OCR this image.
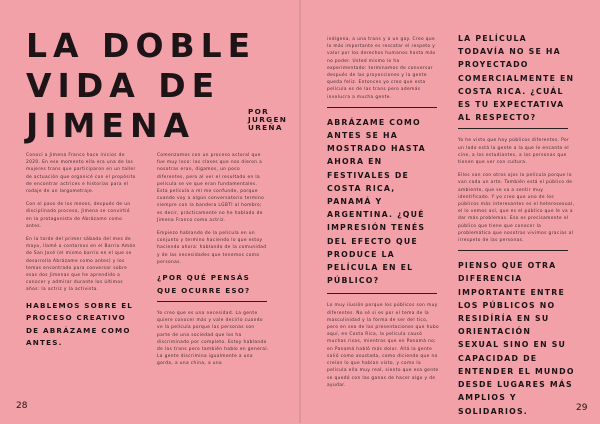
LA DOBLE
VIDA DE
JIMENA	POR
JURGEN
UREÑA

Conocí a Jimena Franco hace inicios de 2020. En ese momento ella era una de las mujeres trans que participaron en un taller de actuación que organicé con el propósito de encontrar actrices e historias para el rodaje de un largometraje.

Con el paso de los meses, después de un disciplinado proceso, Jimena se convirtió en la protagonista de Abrázame como antes.

En la tarde del primer sábado del mes de mayo, llamé a contarnos en el Barrio Amón de San José (el mismo barrio en el que se desarrolla Abrázame como antes) y los temas encontrado para conversar sobre esas dos Jimenas que he aprendido a conocer y admirar durante los últimos años: la actriz y la activista.

HABLEMOS SOBRE EL PROCESO CREATIVO DE ABRÁZAME COMO ANTES.

Comenzamos con un proceso actoral que fue muy loco: las clases que nos dieron a nosotras eran, digamos, un poco diferentes, pero al ver el resultado en la película se ve que eran fundamentales. Esta película a mí me confunde, porque cuando voy a algún conversatorio termino siempre con la bandera LGBTI al hombro; es decir, prácticamente no he hablado de Jimena Franco como actriz.

Empiezo hablando de la película en un conjunto y termino haciendo lo que estoy haciendo ahora: hablando de la comunidad y de las necesidades que tenemos como personas.

¿POR QUÉ PENSÁS QUE OCURRE ESO?

Yo creo que es una necesidad. La gente quiere conocer más y vale decirlo cuando ve la película porque las personas son parte de una sociedad que los ha discriminado por completo. Estoy hablando de las trans pero también hablo en general. La gente discrimina igualmente a una gorda, a una china, a una

indígena, a una trans y a un gay. Creo que lo más importante es rescatar el respeto y valor por los derechos humanos hasta más no poder. Usted mismo lo ha experimentado: terminamos de conversar después de las proyecciones y la gente queda feliz. Entonces yo creo que esta película es de las trans pero además involucra a mucha gente.

ABRÁZAME COMO ANTES SE HA MOSTRADO HASTA AHORA EN FESTIVALES DE COSTA RICA, PANAMÁ Y ARGENTINA. ¿QUÉ IMPRESIÓN TENÉS DEL EFECTO QUE PRODUCE LA PELÍCULA EN EL PÚBLICO?

Lo muy ilusión porque los públicos son muy diferentes. No sé si es por el tema de la masculinidad y la forma de ser del tico, pero en sea de las presentaciones que hubo aquí, en Costa Rica, la película causó muchas risas, mientras que en Panamá no; en Panamá habló más dolor. Allá la gente salió como asustada, como diciendo que no creían lo que habían visto, y como la película ella muy real, siento que esa gente se quedó con las ganas de hacer algo y de ayudar.

LA PELÍCULA TODAVÍA NO SE HA PROYECTADO COMERCIALMENTE EN COSTA RICA. ¿CUÁL ES TU EXPECTATIVA AL RESPECTO?

Yo he visto que hay públicos diferentes. Por un lado está la gente a la que le encanta el cine, a los estudiantes, a las personas que tienen que ver con cultura.

Ellos van con otros ojos la película porque lo van cada un arte. También está el público de ambiente, que se va a sentir muy identificado. Y yo creo que uno de los públicos más interesantes es el heterosexual, el lo vemos así, que es el público que le va a dar más problemas. Eso es precisamente el público que tiene que conocer la problemática que nosotras vivimos gracias al irrespeto de las personas.

PIENSO QUE OTRA DIFERENCIA IMPORTANTE ENTRE LOS PÚBLICOS NO RESIDÍRÍA EN SU ORIENTACIÓN SEXUAL SINO EN SU CAPACIDAD DE ENTENDER EL MUNDO DESDE LUGARES MÁS AMPLIOS Y SOLIDARIOS.

28	29
